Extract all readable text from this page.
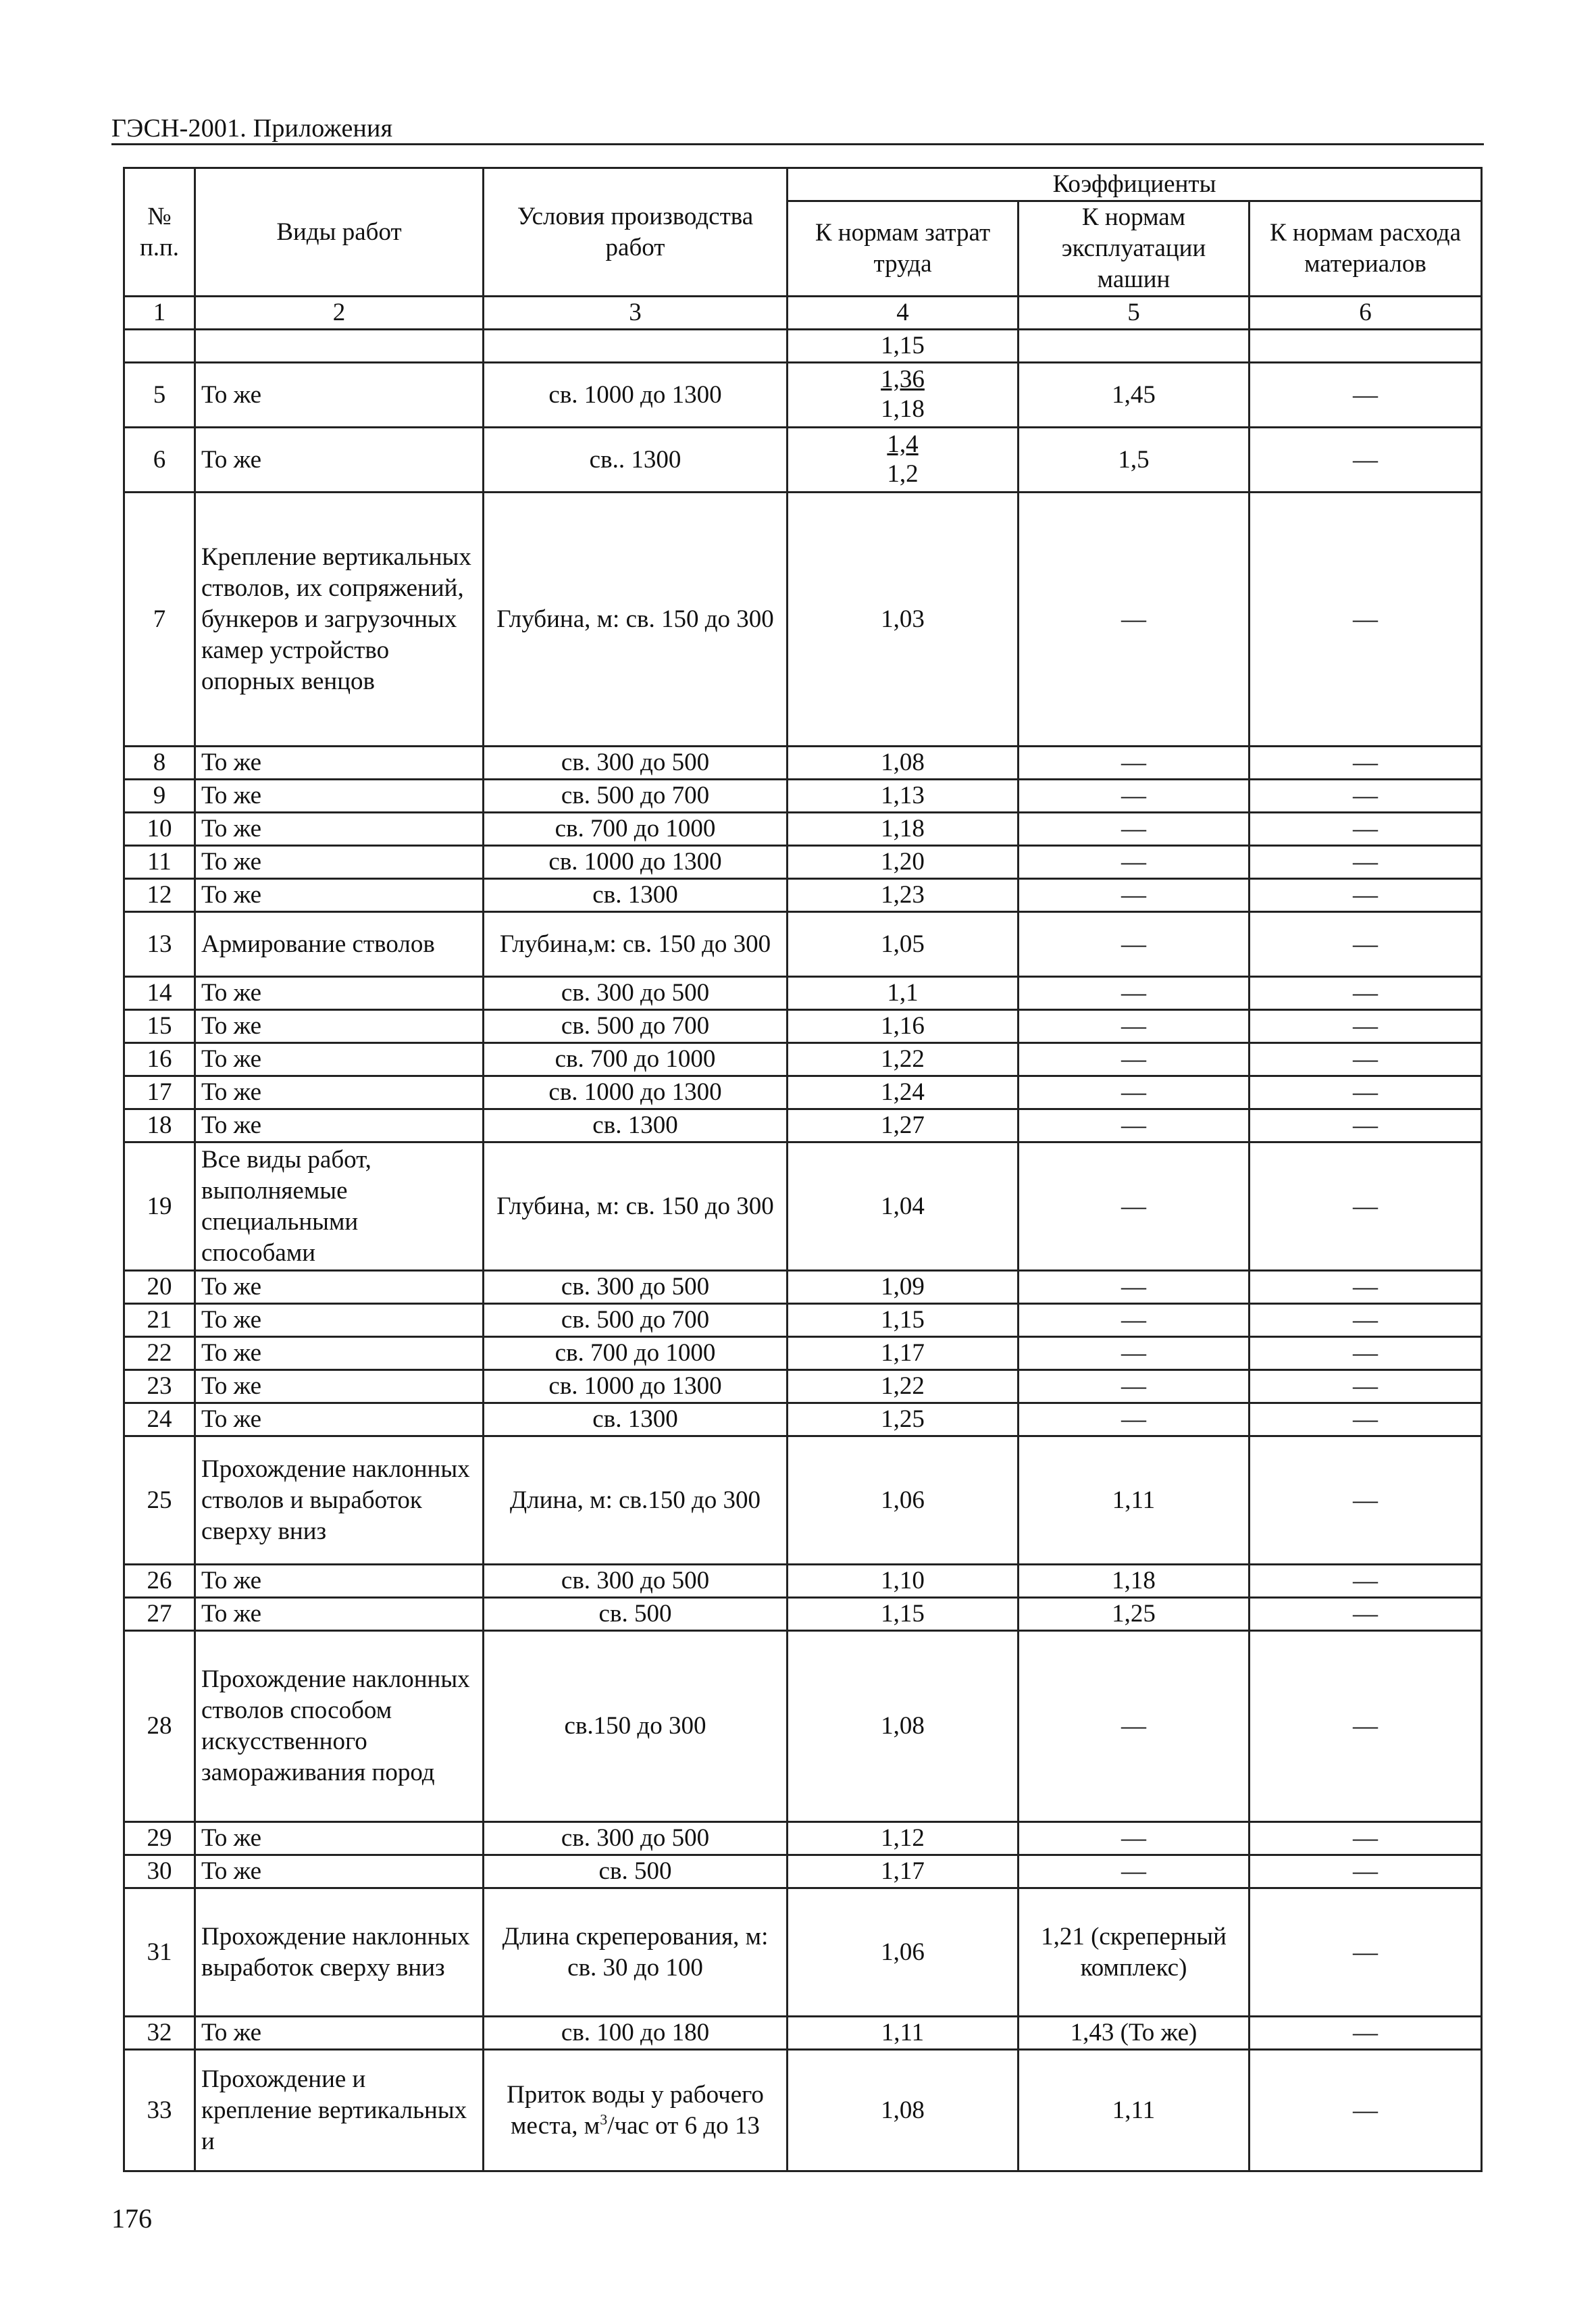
ГЭСН-2001. Приложения
№ п.п.	Виды работ	Условия производства работ	Коэффициенты		
			К нормам затрат труда	К нормам эксплуатации машин	К нормам расхода материалов
1	2	3	4	5	6
			1,15		
5	То же	св. 1000 до 1300	$\frac{1,36}{1,18}$	1,45	—
6	То же	св.. 1300	$\frac{1,4}{1,2}$	1,5	—
7	Крепление вертикальных стволов, их сопряжений, бункеров и загрузочных камер устройство опорных венцов	Глубина, м: св. 150 до 300	1,03	—	—
8	То же	св. 300 до 500	1,08	—	—
9	То же	св. 500 до 700	1,13	—	—
10	То же	св. 700 до 1000	1,18	—	—
11	То же	св. 1000 до 1300	1,20	—	—
12	То же	св. 1300	1,23	—	—
13	Армирование стволов	Глубина,м: св. 150 до 300	1,05	—	—
14	То же	св. 300 до 500	1,1	—	—
15	То же	св. 500 до 700	1,16	—	—
16	То же	св. 700 до 1000	1,22	—	—
17	То же	св. 1000 до 1300	1,24	—	—
18	То же	св. 1300	1,27	—	—
19	Все виды работ, выполняемые специальными способами	Глубина, м: св. 150 до 300	1,04	—	—
20	То же	св. 300 до 500	1,09	—	—
21	То же	св. 500 до 700	1,15	—	—
22	То же	св. 700 до 1000	1,17	—	—
23	То же	св. 1000 до 1300	1,22	—	—
24	То же	св. 1300	1,25	—	—
25	Прохождение наклонных стволов и выработок сверху вниз	Длина, м: св.150 до 300	1,06	1,11	—
26	То же	св. 300 до 500	1,10	1,18	—
27	То же	св. 500	1,15	1,25	—
28	Прохождение наклонных стволов способом искусственного замораживания пород	св.150 до 300	1,08	—	—
29	То же	св. 300 до 500	1,12	—	—
30	То же	св. 500	1,17	—	—
31	Прохождение наклонных выработок сверху вниз	Длина скреперования, м: св. 30 до 100	1,06	1,21 (скреперный комплекс)	—
32	То же	св. 100 до 180	1,11	1,43 (То же)	—
33	Прохождение и крепление вертикальных и	Приток воды у рабочего места, $м^3$/час от 6 до 13	1,08	1,11	—
176
